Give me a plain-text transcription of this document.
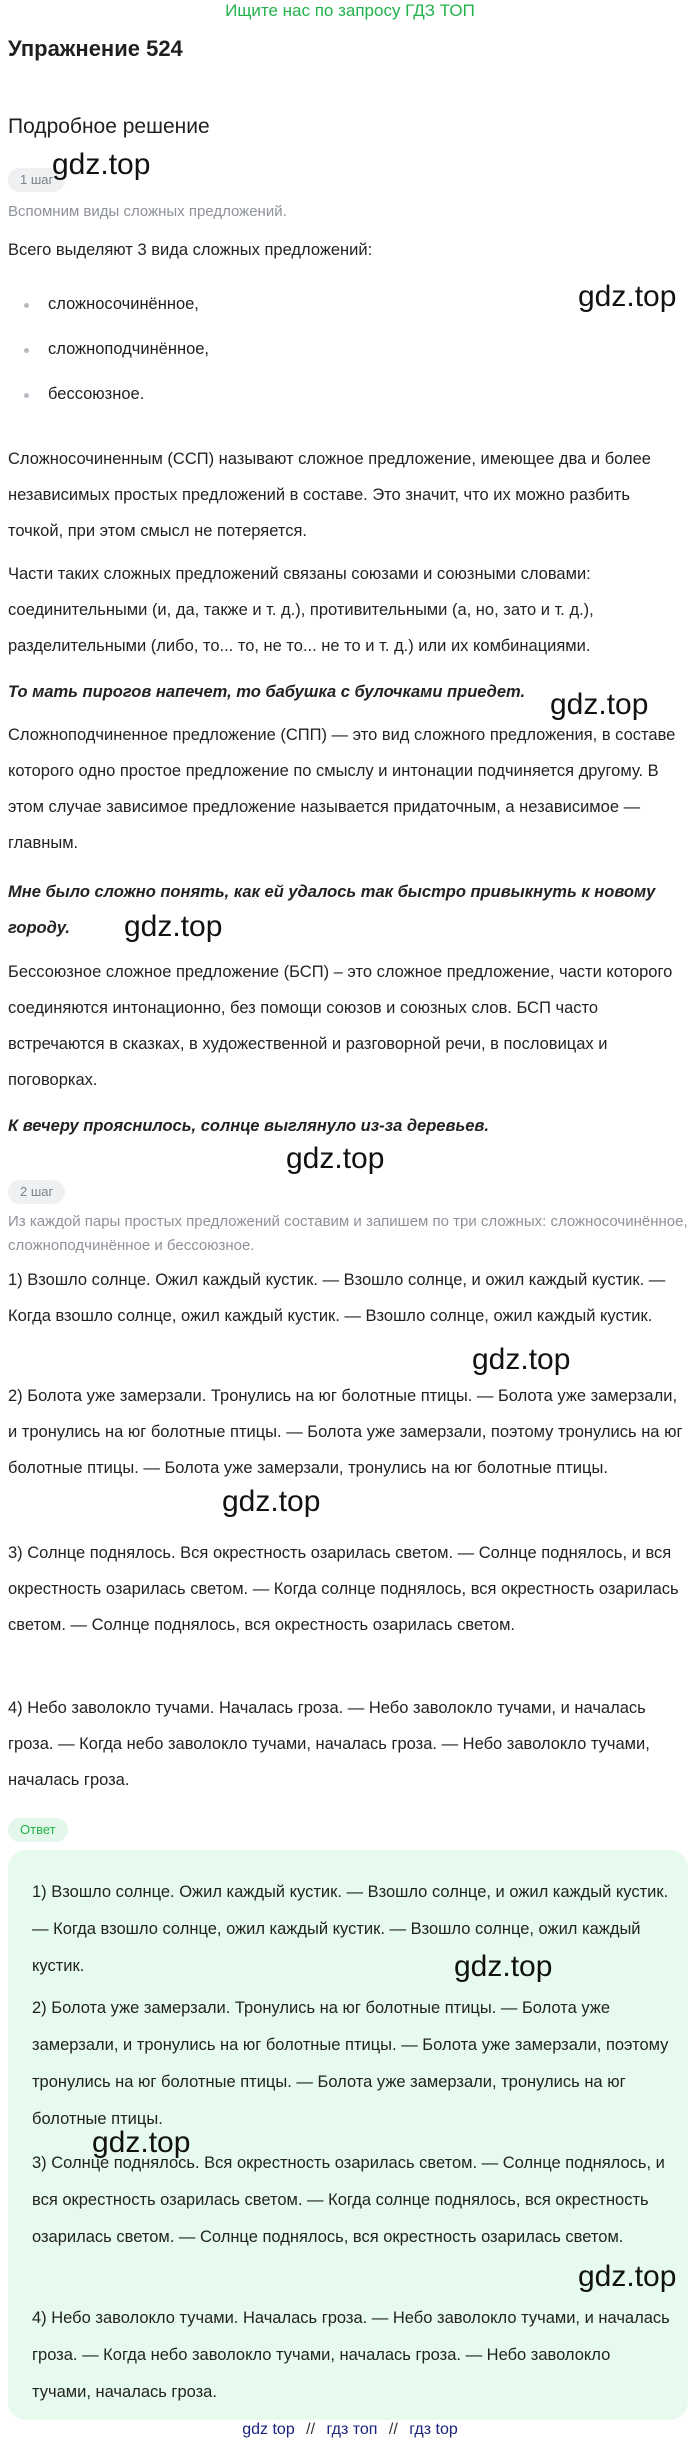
Ищите нас по запросу ГДЗ ТОП
Упражнение 524
Подробное решение
1 шаг
Вспомним виды сложных предложений.
Всего выделяют 3 вида сложных предложений:
сложносочинённое,
сложноподчинённое,
бессоюзное.
Сложносочиненным (ССП) называют сложное предложение, имеющее два и более независимых простых предложений в составе. Это значит, что их можно разбить точкой, при этом смысл не потеряется.
Части таких сложных предложений связаны союзами и союзными словами: соединительными (и, да, также и т. д.), противительными (а, но, зато и т. д.), разделительными (либо, то... то, не то... не то и т. д.) или их комбинациями.
То мать пирогов напечет, то бабушка с булочками приедет.
Сложноподчиненное предложение (СПП) — это вид сложного предложения, в составе которого одно простое предложение по смыслу и интонации подчиняется другому. В этом случае зависимое предложение называется придаточным, а независимое — главным.
Мне было сложно понять, как ей удалось так быстро привыкнуть к новому городу.
Бессоюзное сложное предложение (БСП) – это сложное предложение, части которого соединяются интонационно, без помощи союзов и союзных слов. БСП часто встречаются в сказках, в художественной и разговорной речи, в пословицах и поговорках.
К вечеру прояснилось, солнце выглянуло из-за деревьев.
2 шаг
Из каждой пары простых предложений составим и запишем по три сложных: сложносочинённое, сложноподчинённое и бессоюзное.
1) Взошло солнце. Ожил каждый кустик. — Взошло солнце, и ожил каждый кустик. — Когда взошло солнце, ожил каждый кустик. — Взошло солнце, ожил каждый кустик.
2) Болота уже замерзали. Тронулись на юг болотные птицы. — Болота уже замерзали, и тронулись на юг болотные птицы. — Болота уже замерзали, поэтому тронулись на юг болотные птицы. — Болота уже замерзали, тронулись на юг болотные птицы.
3) Солнце поднялось. Вся окрестность озарилась светом. — Солнце поднялось, и вся окрестность озарилась светом. — Когда солнце поднялось, вся окрестность озарилась светом. — Солнце поднялось, вся окрестность озарилась светом.
4) Небо заволокло тучами. Началась гроза. — Небо заволокло тучами, и началась гроза. — Когда небо заволокло тучами, началась гроза. — Небо заволокло тучами, началась гроза.
Ответ
1) Взошло солнце. Ожил каждый кустик. — Взошло солнце, и ожил каждый кустик. — Когда взошло солнце, ожил каждый кустик. — Взошло солнце, ожил каждый кустик.
2) Болота уже замерзали. Тронулись на юг болотные птицы. — Болота уже замерзали, и тронулись на юг болотные птицы. — Болота уже замерзали, поэтому тронулись на юг болотные птицы. — Болота уже замерзали, тронулись на юг болотные птицы.
3) Солнце поднялось. Вся окрестность озарилась светом. — Солнце поднялось, и вся окрестность озарилась светом. — Когда солнце поднялось, вся окрестность озарилась светом. — Солнце поднялось, вся окрестность озарилась светом.
4) Небо заволокло тучами. Началась гроза. — Небо заволокло тучами, и началась гроза. — Когда небо заволокло тучами, началась гроза. — Небо заволокло тучами, началась гроза.
gdz.top
gdz.top
gdz.top
gdz.top
gdz.top
gdz.top
gdz.top
gdz.top
gdz.top
gdz.top
gdz top // гдз топ // гдз top
